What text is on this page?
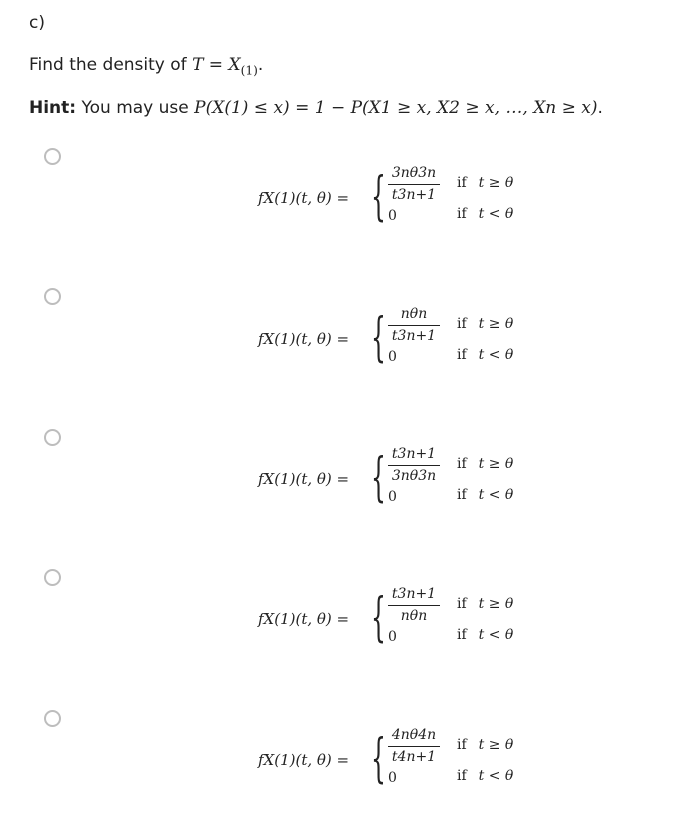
c)
Find the density of $T = X_{(1)}$.
Hint: You may use P(X(1) ≤ x) = 1 − P(X1 ≥ x, X2 ≥ x, …, Xn ≥ x).
fX(1)(t, θ) = { 3nθ3n
t3n+1
0
if t ≥ θ
if t < θ
fX(1)(t, θ) = {	nθn
t3n+1
0
if t ≥ θ
if t < θ
fX(1)(t, θ) = { t3n+1
3nθ3n
0
if t ≥ θ
if t < θ
fX(1)(t, θ) = { t3n+1
nθn
0
if t ≥ θ
if t < θ
fX(1)(t, θ) = { 4nθ4n
t4n+1
0
if t ≥ θ
if t < θ
